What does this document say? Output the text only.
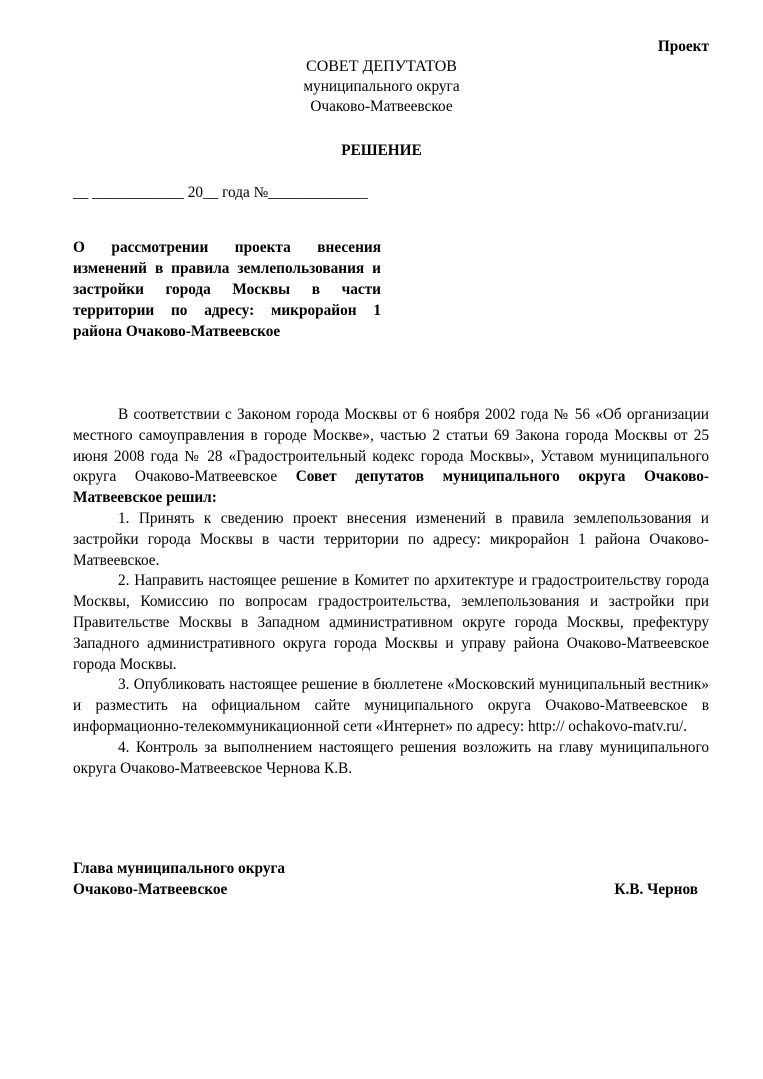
Проект
СОВЕТ ДЕПУТАТОВ
муниципального округа
Очаково-Матвеевское
РЕШЕНИЕ
__ ____________ 20__ года №_____________
О рассмотрении проекта внесения изменений в правила землепользования и застройки города Москвы в части территории по адресу: микрорайон 1 района Очаково-Матвеевское

В соответствии с Законом города Москвы от 6 ноября 2002 года № 56 «Об организации местного самоуправления в городе Москве», частью 2 статьи 69 Закона города Москвы от 25 июня 2008 года № 28 «Градостроительный кодекс города Москвы», Уставом муниципального округа Очаково-Матвеевское Совет депутатов муниципального округа Очаково-Матвеевское решил:

1. Принять к сведению проект внесения изменений в правила землепользования и застройки города Москвы в части территории по адресу: микрорайон 1 района Очаково-Матвеевское.

2. Направить настоящее решение в Комитет по архитектуре и градостроительству города Москвы, Комиссию по вопросам градостроительства, землепользования и застройки при Правительстве Москвы в Западном административном округе города Москвы, префектуру Западного административного округа города Москвы и управу района Очаково-Матвеевское города Москвы.

3. Опубликовать настоящее решение в бюллетене «Московский муниципальный вестник» и разместить на официальном сайте муниципального округа Очаково-Матвеевское в информационно-телекоммуникационной сети «Интернет» по адресу: http:// ochakovo-matv.ru/.

4. Контроль за выполнением настоящего решения возложить на главу муниципального округа Очаково-Матвеевское Чернова К.В.

Глава муниципального округа
Очаково-Матвеевское	К.В. Чернов
